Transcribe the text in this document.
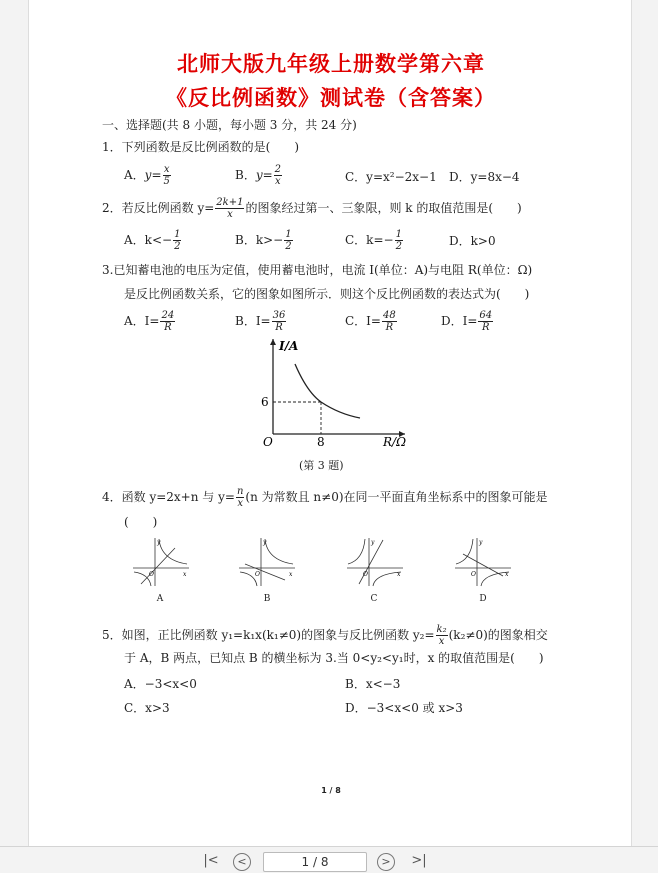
北师大版九年级上册数学第六章
《反比例函数》测试卷（含答案）
一、选择题(共 8 小题，每小题 3 分，共 24 分)
1．下列函数是反比例函数的是(　　)
A．$y= \frac{x}{5}$	B．$y= \frac{2}{x}$	C．y=x²−2x−1 D．y=8x−4
2．若反比例函数 $y= \frac{2k+1}{x}$ 的图象经过第一、三象限，则 k 的取值范围是(　　)
A．$k<- \frac{1}{2}$	B．$k>- \frac{1}{2}$	C．$k=- \frac{1}{2}$	D．k>0
3.已知蓄电池的电压为定值，使用蓄电池时，电流 I(单位：A)与电阻 R(单位：Ω)
是反比例函数关系，它的图象如图所示．则这个反比例函数的表达式为(　　)
A．$I= \frac{24}{R}$	B．$I= \frac{36}{R}$	C．$I= \frac{48}{R}$	D．$I= \frac{64}{R}$
I/A
6
O	8	R/Ω
(第 3 题)
4．函数 y=2x+n 与 $y= \frac{n}{x} (n$ 为常数且 n≠0)在同一平面直角坐标系中的图象可能是
(　　)
y
x
O
y
x
O
y
x
O
y
x
O
A	B	C	D
5．如图，正比例函数 y₁=k₁x(k₁≠0)的图象与反比例函数 $y_2= \frac{\text{k₂}}{x} (k_2\ne 0)$的图象相交
于 A，B 两点，已知点 B 的横坐标为 3.当 0<y₂<y₁时，x 的取值范围是(　　)
A．−3<x<0	B．x<−3
C．x>3	D．−3<x<0 或 x>3
1 / 8
|<	<	1 / 8	>	>|
